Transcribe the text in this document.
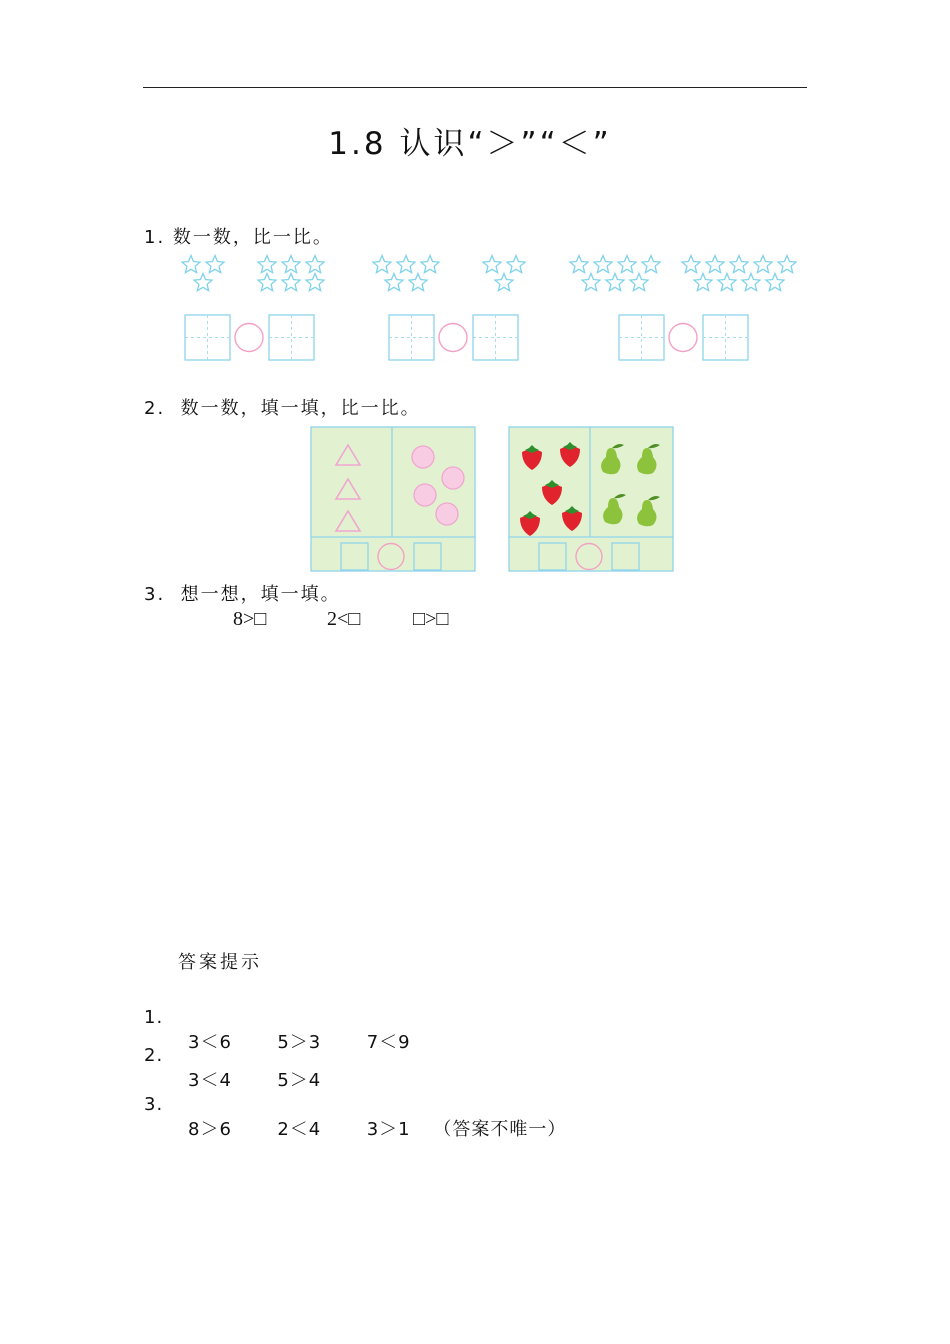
1.8 认识“＞”“＜”
1. 数一数，比一比。
2.  数一数，填一填，比一比。
3.  想一想，填一填。
8>□	2<□	□>□
答案提示

1.

3＜6  5＞3  7＜9

2.

3＜4  5＞4

3.

8＞6  2＜4  3＞1 （答案不唯一）
